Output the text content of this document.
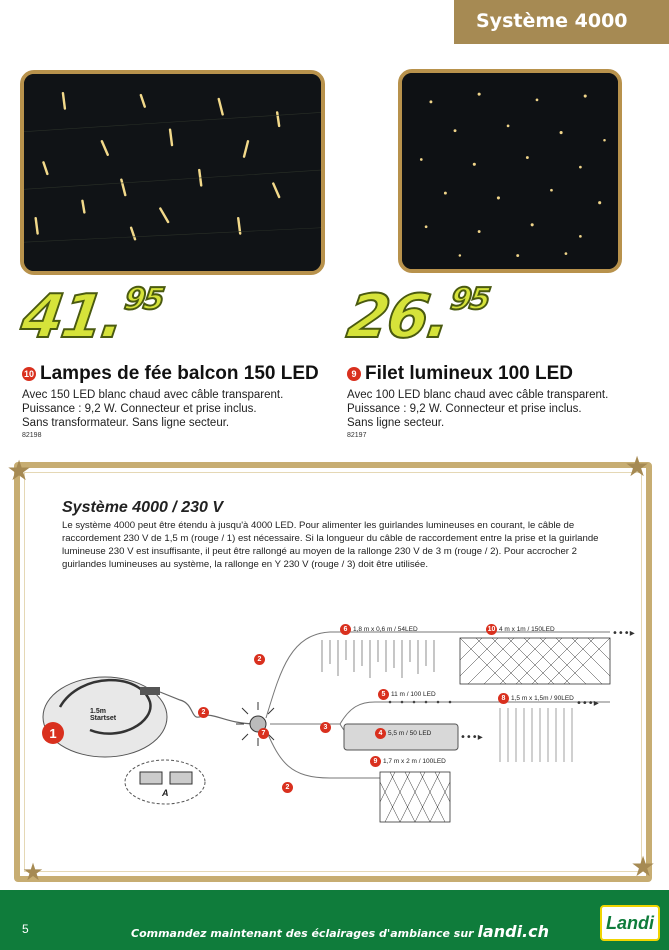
Système 4000
41.95	26.95
10 Lampes de fée balcon 150 LED
Avec 150 LED blanc chaud avec câble transparent.
Puissance : 9,2 W. Connecteur et prise inclus.
Sans transformateur. Sans ligne secteur.
82198
9 Filet lumineux 100 LED
Avec 100 LED blanc chaud avec câble transparent.
Puissance : 9,2 W. Connecteur et prise inclus.
Sans ligne secteur.
82197
★	★
★	★
Système 4000 / 230 V
Le système 4000 peut être étendu à jusqu'à 4000 LED. Pour alimenter les guirlandes lumineuses en courant, le câble de raccordement 230 V de 1,5 m (rouge / 1) est nécessaire. Si la longueur du câble de raccordement entre la prise et la guirlande lumineuse 230 V est insuffisante, il peut être rallongé au moyen de la rallonge 230 V de 3 m (rouge / 2). Pour accrocher 2 guirlandes lumineuses au système, la rallonge en Y 230 V (rouge / 3) doit être utilisée.
•••▸
•••▸
•••▸
6 1,8 m x 0,6 m / 54LED	10 4 m x 1m / 150LED
5 11 m / 100 LED
8 1,5 m x 1,5m / 90LED
4 5,5 m / 50 LED
9 1,7 m x 2 m / 100LED
1.5m
Startset
A
1
2
2
2
3
7
5	Commandez maintenant des éclairages d'ambiance sur landi.ch	Landi
